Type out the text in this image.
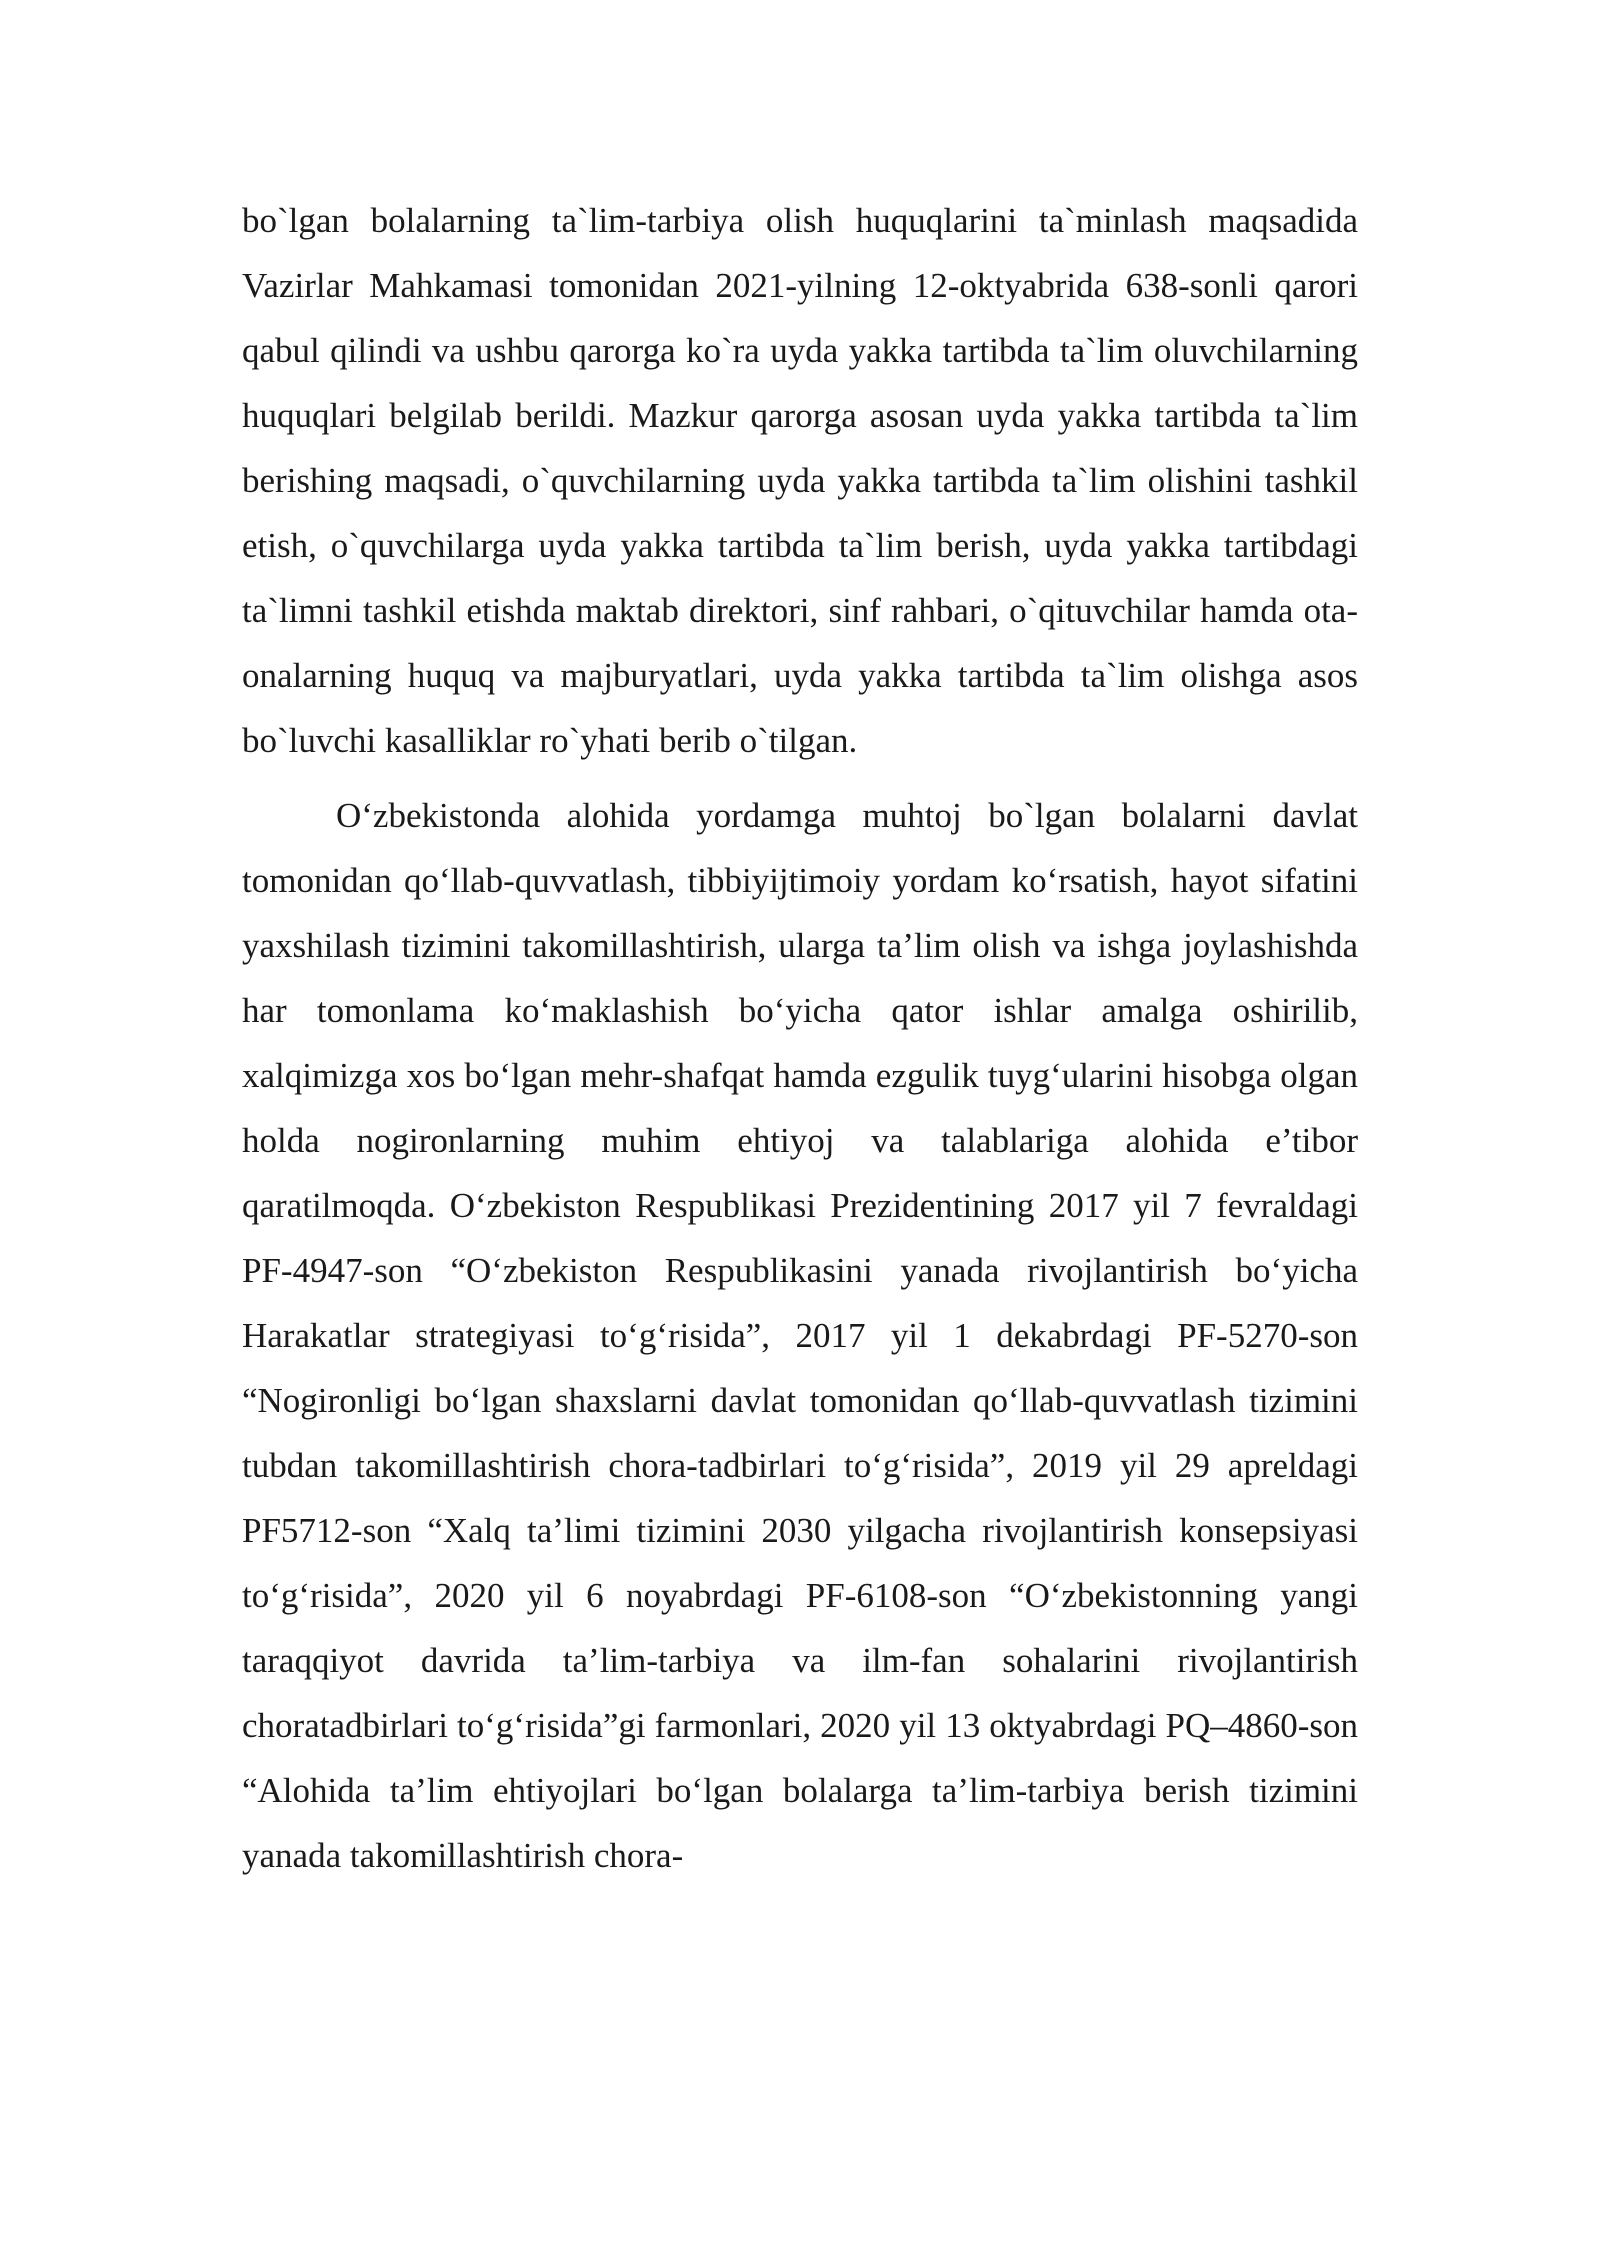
bo`lgan bolalarning ta`lim-tarbiya olish huquqlarini ta`minlash maqsadida Vazirlar Mahkamasi tomonidan 2021-yilning 12-oktyabrida 638-sonli qarori qabul qilindi va ushbu qarorga ko`ra uyda yakka tartibda ta`lim oluvchilarning huquqlari belgilab berildi. Mazkur qarorga asosan uyda yakka tartibda ta`lim berishing maqsadi, o`quvchilarning uyda yakka tartibda ta`lim olishini tashkil etish, o`quvchilarga uyda yakka tartibda ta`lim berish, uyda yakka tartibdagi ta`limni tashkil etishda maktab direktori, sinf rahbari, o`qituvchilar hamda ota-onalarning huquq va majburyatlari, uyda yakka tartibda ta`lim olishga asos bo`luvchi kasalliklar ro`yhati berib o`tilgan.

O‘zbekistonda alohida yordamga muhtoj bo`lgan bolalarni davlat tomonidan qo‘llab-quvvatlash, tibbiyijtimoiy yordam ko‘rsatish, hayot sifatini yaxshilash tizimini takomillashtirish, ularga ta’lim olish va ishga joylashishda har tomonlama ko‘maklashish bo‘yicha qator ishlar amalga oshirilib, xalqimizga xos bo‘lgan mehr-shafqat hamda ezgulik tuyg‘ularini hisobga olgan holda nogironlarning muhim ehtiyoj va talablariga alohida e’tibor qaratilmoqda. O‘zbekiston Respublikasi Prezidentining 2017 yil 7 fevraldagi PF-4947-son “O‘zbekiston Respublikasini yanada rivojlantirish bo‘yicha Harakatlar strategiyasi to‘g‘risida”, 2017 yil 1 dekabrdagi PF-5270-son “Nogironligi bo‘lgan shaxslarni davlat tomonidan qo‘llab-quvvatlash tizimini tubdan takomillashtirish chora-tadbirlari to‘g‘risida”, 2019 yil 29 apreldagi PF5712-son “Xalq ta’limi tizimini 2030 yilgacha rivojlantirish konsepsiyasi to‘g‘risida”, 2020 yil 6 noyabrdagi PF-6108-son “O‘zbekistonning yangi taraqqiyot davrida ta’lim-tarbiya va ilm-fan sohalarini rivojlantirish choratadbirlari to‘g‘risida”gi farmonlari, 2020 yil 13 oktyabrdagi PQ–4860-son “Alohida ta’lim ehtiyojlari bo‘lgan bolalarga ta’lim-tarbiya berish tizimini yanada takomillashtirish chora-
